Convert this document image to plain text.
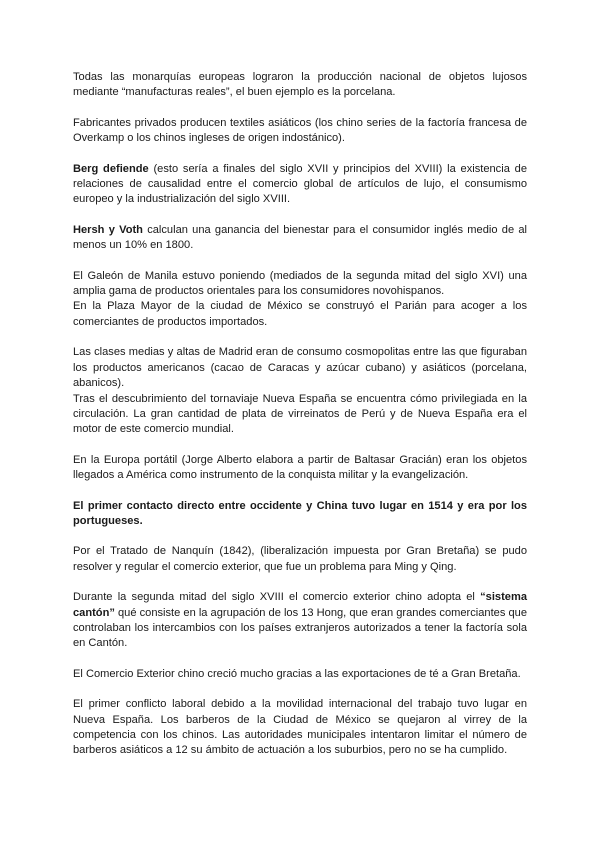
Todas las monarquías europeas lograron la producción nacional de objetos lujosos mediante “manufacturas reales”, el buen ejemplo es la porcelana.

Fabricantes privados producen textiles asiáticos (los chino series de la factoría francesa de Overkamp o los chinos ingleses de origen indostánico).

Berg defiende (esto sería a finales del siglo XVII y principios del XVIII) la existencia de relaciones de causalidad entre el comercio global de artículos de lujo, el consumismo europeo y la industrialización del siglo XVIII.

Hersh y Voth calculan una ganancia del bienestar para el consumidor inglés medio de al menos un 10% en 1800.

El Galeón de Manila estuvo poniendo (mediados de la segunda mitad del siglo XVI) una amplia gama de productos orientales para los consumidores novohispanos.

En la Plaza Mayor de la ciudad de México se construyó el Parián para acoger a los comerciantes de productos importados.

Las clases medias y altas de Madrid eran de consumo cosmopolitas entre las que figuraban los productos americanos (cacao de Caracas y azúcar cubano) y asiáticos (porcelana, abanicos).

Tras el descubrimiento del tornaviaje Nueva España se encuentra cómo privilegiada en la circulación. La gran cantidad de plata de virreinatos de Perú y de Nueva España era el motor de este comercio mundial.

En la Europa portátil (Jorge Alberto elabora a partir de Baltasar Gracián) eran los objetos llegados a América como instrumento de la conquista militar y la evangelización.

El primer contacto directo entre occidente y China tuvo lugar en 1514 y era por los portugueses.

Por el Tratado de Nanquín (1842), (liberalización impuesta por Gran Bretaña) se pudo resolver y regular el comercio exterior, que fue un problema para Ming y Qing.

Durante la segunda mitad del siglo XVIII el comercio exterior chino adopta el “sistema cantón” qué consiste en la agrupación de los 13 Hong, que eran grandes comerciantes que controlaban los intercambios con los países extranjeros autorizados a tener la factoría sola en Cantón.

El Comercio Exterior chino creció mucho gracias a las exportaciones de té a Gran Bretaña.

El primer conflicto laboral debido a la movilidad internacional del trabajo tuvo lugar en Nueva España. Los barberos de la Ciudad de México se quejaron al virrey de la competencia con los chinos. Las autoridades municipales intentaron limitar el número de barberos asiáticos a 12 su ámbito de actuación a los suburbios, pero no se ha cumplido.
